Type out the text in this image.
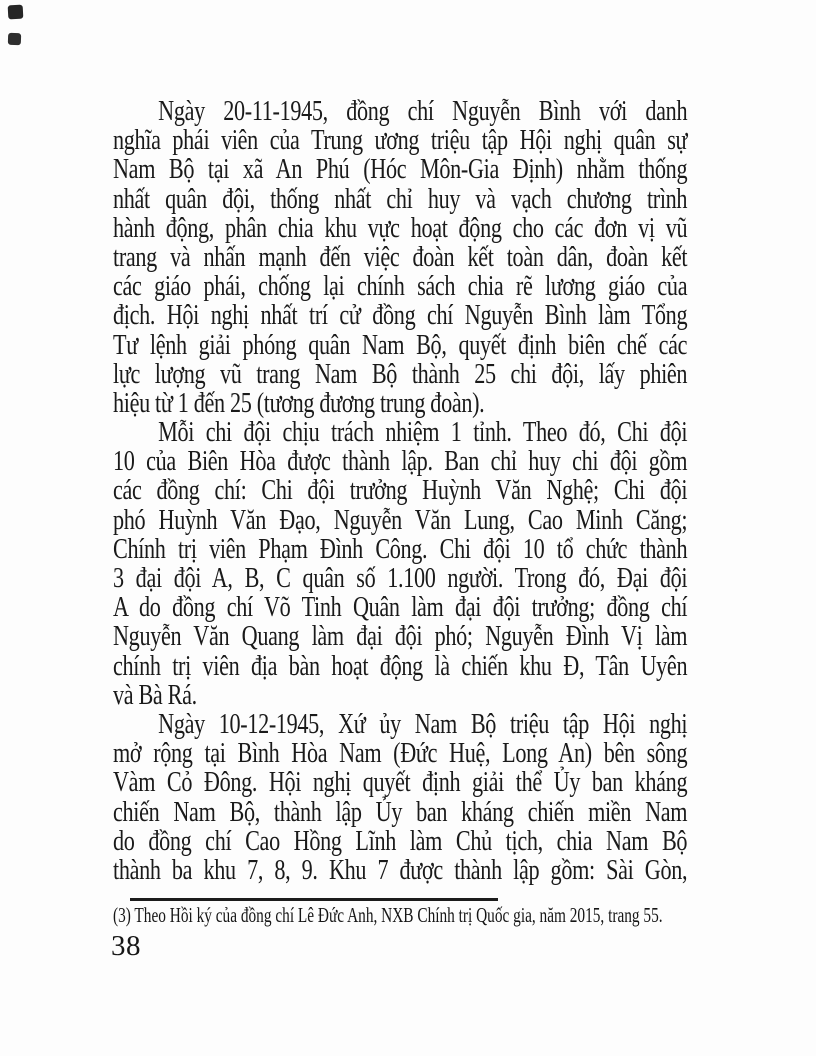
Ngày 20-11-1945, đồng chí Nguyễn Bình với danh
nghĩa phái viên của Trung ương triệu tập Hội nghị quân sự
Nam Bộ tại xã An Phú (Hóc Môn-Gia Định) nhằm thống
nhất quân đội, thống nhất chỉ huy và vạch chương trình
hành động, phân chia khu vực hoạt động cho các đơn vị vũ
trang và nhấn mạnh đến việc đoàn kết toàn dân, đoàn kết
các giáo phái, chống lại chính sách chia rẽ lương giáo của
địch. Hội nghị nhất trí cử đồng chí Nguyễn Bình làm Tổng
Tư lệnh giải phóng quân Nam Bộ, quyết định biên chế các
lực lượng vũ trang Nam Bộ thành 25 chi đội, lấy phiên
hiệu từ 1 đến 25 (tương đương trung đoàn).
Mỗi chi đội chịu trách nhiệm 1 tỉnh. Theo đó, Chi đội
10 của Biên Hòa được thành lập. Ban chỉ huy chi đội gồm
các đồng chí: Chi đội trưởng Huỳnh Văn Nghệ; Chi đội
phó Huỳnh Văn Đạo, Nguyễn Văn Lung, Cao Minh Căng;
Chính trị viên Phạm Đình Công. Chi đội 10 tổ chức thành
3 đại đội A, B, C quân số 1.100 người. Trong đó, Đại đội
A do đồng chí Võ Tinh Quân làm đại đội trưởng; đồng chí
Nguyễn Văn Quang làm đại đội phó; Nguyễn Đình Vị làm
chính trị viên địa bàn hoạt động là chiến khu Đ, Tân Uyên
và Bà Rá.
Ngày 10-12-1945, Xứ ủy Nam Bộ triệu tập Hội nghị
mở rộng tại Bình Hòa Nam (Đức Huệ, Long An) bên sông
Vàm Cỏ Đông. Hội nghị quyết định giải thể Ủy ban kháng
chiến Nam Bộ, thành lập Ủy ban kháng chiến miền Nam
do đồng chí Cao Hồng Lĩnh làm Chủ tịch, chia Nam Bộ
thành ba khu 7, 8, 9. Khu 7 được thành lập gồm: Sài Gòn,
(3) Theo Hồi ký của đồng chí Lê Đức Anh, NXB Chính trị Quốc gia, năm 2015, trang 55.
38
